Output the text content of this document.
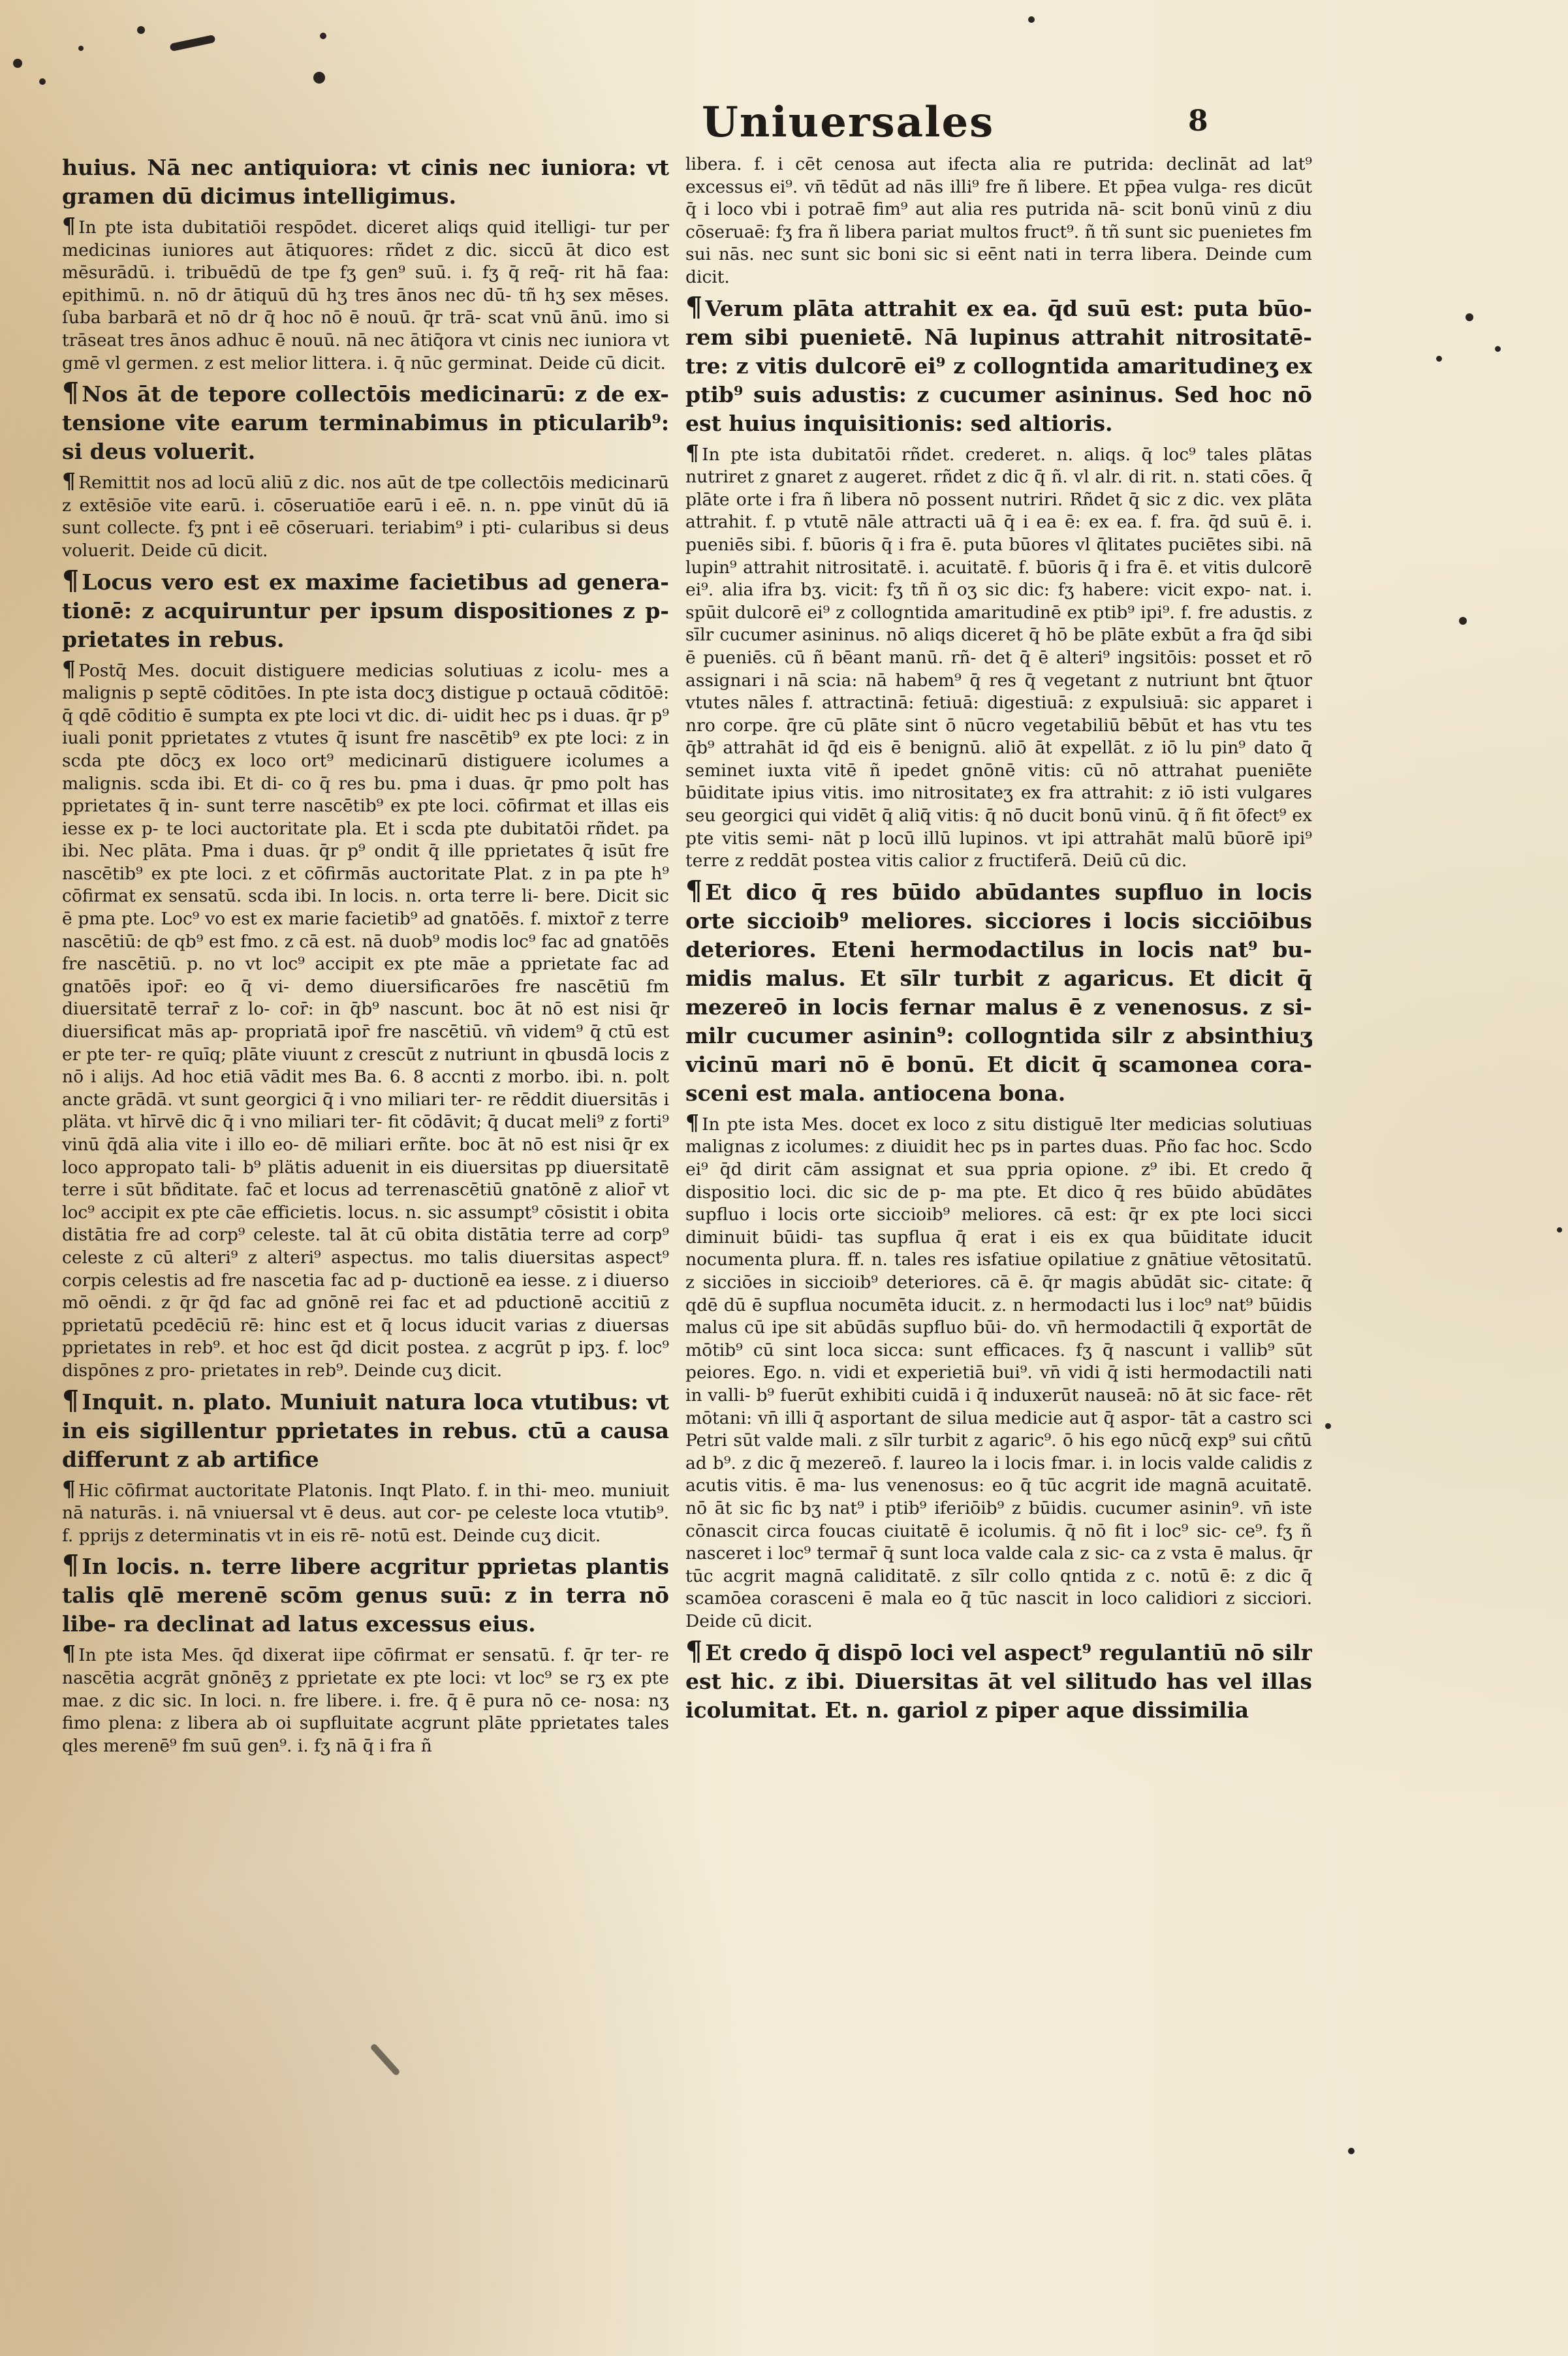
Uniuersales	8

huius. Nā nec antiquiora: vt cinis nec iuniora: vt gramen dū dicimus intelligimus.

¶ In pte ista dubitatiōi respōdet. diceret aliqs quid itelligi- tur per medicinas iuniores aut ātiquores: rñdet z dic. siccū āt dico est mēsurādū. i. tribuēdū de tpe fʒ gen⁹ suū. i. fʒ q̄ req̄- rit hā faa: epithimū. n. nō dr ātiquū dū hʒ tres ānos nec dū- tñ hʒ sex mēses. ſuba barbarā et nō dr q̄ hoc nō ē nouū. q̄r trā- scat vnū ānū. imo si trāseat tres ānos adhuc ē nouū. nā nec ātiq̄ora vt cinis nec iuniora vt gmē vl germen. z est melior littera. i. q̄ nūc germinat. Deide cū dicit.

¶ Nos āt de tepore collectōis medicinarū: z de ex- tensione vite earum terminabimus in pticularib⁹: si deus voluerit.

¶ Remittit nos ad locū aliū z dic. nos aūt de tpe collectōis medicinarū z extēsiōe vite earū. i. cōseruatiōe earū i eē. n. n. ppe vinūt dū iā sunt collecte. fʒ pnt i eē cōseruari. teriabim⁹ i pti- cularibus si deus voluerit. Deide cū dicit.

¶ Locus vero est ex maxime facietibus ad genera- tionē: z acquiruntur per ipsum dispositiones z p- prietates in rebus.

¶ Postq̄ Mes. docuit distiguere medicias solutiuas z icolu- mes a malignis p septē cōditōes. In pte ista docʒ distigue p octauā cōditōē: q̄ qdē cōditio ē sumpta ex pte loci vt dic. di- uidit hec ps i duas. q̄r p⁹ iuali ponit pprietates z vtutes q̄ isunt fre nascētib⁹ ex pte loci: z in scda pte dōcʒ ex loco ort⁹ medicinarū distiguere icolumes a malignis. scda ibi. Et di- co q̄ res bu. pma i duas. q̄r pmo polt has pprietates q̄ in- sunt terre nascētib⁹ ex pte loci. cōfirmat et illas eis iesse ex p- te loci auctoritate pla. Et i scda pte dubitatōi rñdet. pa ibi. Nec plāta. Pma i duas. q̄r p⁹ ondit q̄ ille pprietates q̄ isūt fre nascētib⁹ ex pte loci. z et cōfirmās auctoritate Plat. z in pa pte h⁹ cōfirmat ex sensatū. scda ibi. In locis. n. orta terre li- bere. Dicit sic ē pma pte. Loc⁹ vo est ex marie facietib⁹ ad gnatōēs. f. mixtor̄ z terre nascētiū: de qb⁹ est fmo. z cā est. nā duob⁹ modis loc⁹ fac ad gnatōēs fre nascētiū. p. no vt loc⁹ accipit ex pte māe a pprietate fac ad gnatōēs ipor̄: eo q̄ vi- demo diuersificarōes fre nascētiū fm diuersitatē terrar̄ z lo- cor̄: in q̄b⁹ nascunt. boc āt nō est nisi q̄r diuersificat mās ap- propriatā ipor̄ fre nascētiū. vn̄ videm⁹ q̄ ctū est er pte ter- re quīq; plāte viuunt z crescūt z nutriunt in qbusdā locis z nō i alijs. Ad hoc etiā vādit mes Ba. 6. 8 accnti z morbo. ibi. n. polt ancte grādā. vt sunt georgici q̄ i vno miliari ter- re rēddit diuersitās i pläta. vt hīrvē dic q̄ i vno miliari ter- fit cōdāvit; q̄ ducat meli⁹ z forti⁹ vinū q̄dā alia vite i illo eo- dē miliari erñte. boc āt nō est nisi q̄r ex loco appropato tali- b⁹ plätis aduenit in eis diuersitas pp diuersitatē terre i sūt bñditate. fac̄ et locus ad terrenascētiū gnatōnē z alior̄ vt loc⁹ accipit ex pte cāe efficietis. locus. n. sic assumpt⁹ cōsistit i obita distātia fre ad corp⁹ celeste. tal āt cū obita distātia terre ad corp⁹ celeste z cū alteri⁹ z alteri⁹ aspectus. mo talis diuersitas aspect⁹ corpis celestis ad fre nascetia fac ad p- ductionē ea iesse. z i diuerso mō oēndi. z q̄r q̄d fac ad gnōnē rei fac et ad pductionē accitiū z pprietatū pcedēciū rē: hinc est et q̄ locus iducit varias z diuersas pprietates in reb⁹. et hoc est q̄d dicit postea. z acgrūt p ipʒ. f. loc⁹ dispōnes z pro- prietates in reb⁹. Deinde cuʒ dicit.

¶ Inquit. n. plato. Muniuit natura loca vtutibus: vt in eis sigillentur pprietates in rebus. ctū a causa differunt z ab artifice

¶ Hic cōfirmat auctoritate Platonis. Inqt Plato. f. in thi- meo. muniuit nā naturās. i. nā vniuersal vt ē deus. aut cor- pe celeste loca vtutib⁹. f. pprijs z determinatis vt in eis rē- notū est. Deinde cuʒ dicit.

¶ In locis. n. terre libere acgritur pprietas plantis talis qlē merenē scōm genus suū: z in terra nō libe- ra declinat ad latus excessus eius.

¶ In pte ista Mes. q̄d dixerat iipe cōfirmat er sensatū. f. q̄r ter- re nascētia acgrāt gnōnēʒ z pprietate ex pte loci: vt loc⁹ se rʒ ex pte mae. z dic sic. In loci. n. fre libere. i. fre. q̄ ē pura nō ce- nosa: nʒ fimo plena: z libera ab oi supfluitate acgrunt plāte pprietates tales qles merenē⁹ fm suū gen⁹. i. fʒ nā q̄ i fra ñ

libera. f. i cēt cenosa aut ifecta alia re putrida: declināt ad lat⁹ excessus ei⁹. vn̄ tēdūt ad nās illi⁹ fre ñ libere. Et pp̄ea vulga- res dicūt q̄ i loco vbi i potraē fim⁹ aut alia res putrida nā- scit bonū vinū z diu cōseruaē: fʒ fra ñ libera pariat multos fruct⁹. ñ tñ sunt sic puenietes fm sui nās. nec sunt sic boni sic si eēnt nati in terra libera. Deinde cum dicit.

¶ Verum plāta attrahit ex ea. q̄d suū est: puta būo- rem sibi puenietē. Nā lupinus attrahit nitrositatē- tre: z vitis dulcorē ei⁹ z collogntida amaritudineʒ ex ptib⁹ suis adustis: z cucumer asininus. Sed hoc nō est huius inquisitionis: sed altioris.

¶ In pte ista dubitatōi rñdet. crederet. n. aliqs. q̄ loc⁹ tales plātas nutriret z gnaret z augeret. rñdet z dic q̄ ñ. vl alr. di rit. n. stati cōes. q̄ plāte orte i fra ñ libera nō possent nutriri. Rñdet q̄ sic z dic. vex plāta attrahit. f. p vtutē nāle attracti uā q̄ i ea ē: ex ea. f. fra. q̄d suū ē. i. pueniēs sibi. f. būoris q̄ i fra ē. puta būores vl q̄litates puciētes sibi. nā lupin⁹ attrahit nitrositatē. i. acuitatē. f. būoris q̄ i fra ē. et vitis dulcorē ei⁹. alia ifra bʒ. vicit: fʒ tñ ñ oʒ sic dic: fʒ habere: vicit expo- nat. i. spūit dulcorē ei⁹ z collogntida amaritudinē ex ptib⁹ ipi⁹. f. fre adustis. z sīlr cucumer asininus. nō aliqs diceret q̄ hō be plāte exbūt a fra q̄d sibi ē pueniēs. cū ñ bēant manū. rñ- det q̄ ē alteri⁹ ingsitōis: posset et rō assignari i nā scia: nā habem⁹ q̄ res q̄ vegetant z nutriunt bnt q̄tuor vtutes nāles f. attractinā: fetiuā: digestiuā: z expulsiuā: sic apparet i nro corpe. q̄re cū plāte sint ō nūcro vegetabiliū bēbūt et has vtu tes q̄b⁹ attrahāt id q̄d eis ē benignū. aliō āt expellāt. z iō lu pin⁹ dato q̄ seminet iuxta vitē ñ ipedet gnōnē vitis: cū nō attrahat pueniēte būiditate ipius vitis. imo nitrositateʒ ex fra attrahit: z iō isti vulgares seu georgici qui vidēt q̄ aliq̄ vitis: q̄ nō ducit bonū vinū. q̄ ñ fit ōfect⁹ ex pte vitis semi- nāt p locū illū lupinos. vt ipi attrahāt malū būorē ipi⁹ terre z reddāt postea vitis calior z fructiferā. Deiū cū dic.

¶ Et dico q̄ res būido abūdantes supfluo in locis orte siccioib⁹ meliores. sicciores i locis sicciōibus deteriores. Eteni hermodactilus in locis nat⁹ bu- midis malus. Et sīlr turbit z agaricus. Et dicit q̄ mezereō in locis fernar malus ē z venenosus. z si- milr cucumer asinin⁹: collogntida silr z absinthiuʒ vicinū mari nō ē bonū. Et dicit q̄ scamonea cora- sceni est mala. antiocena bona.

¶ In pte ista Mes. docet ex loco z situ distiguē lter medicias solutiuas malignas z icolumes: z diuidit hec ps in partes duas. Pño fac hoc. Scdo ei⁹ q̄d dirit cām assignat et sua ppria opione. z⁹ ibi. Et credo q̄ dispositio loci. dic sic de p- ma pte. Et dico q̄ res būido abūdātes supfluo i locis orte siccioib⁹ meliores. cā est: q̄r ex pte loci sicci diminuit būidi- tas supflua q̄ erat i eis ex qua būiditate iducit nocumenta plura. ff. n. tales res isfatiue opilatiue z gnātiue vētositatū. z sicciōes in siccioib⁹ deteriores. cā ē. q̄r magis abūdāt sic- citate: q̄ qdē dū ē supflua nocumēta iducit. z. n hermodacti lus i loc⁹ nat⁹ būidis malus cū ipe sit abūdās supfluo būi- do. vn̄ hermodactili q̄ exportāt de mōtib⁹ cū sint loca sicca: sunt efficaces. fʒ q̄ nascunt i vallib⁹ sūt peiores. Ego. n. vidi et experietiā bui⁹. vn̄ vidi q̄ isti hermodactili nati in valli- b⁹ fuerūt exhibiti cuidā i q̄ induxerūt nauseā: nō āt sic face- rēt mōtani: vn̄ illi q̄ asportant de silua medicie aut q̄ aspor- tāt a castro sci Petri sūt valde mali. z sīlr turbit z agaric⁹. ō his ego nūcq̄ exp⁹ sui cñtū ad b⁹. z dic q̄ mezereō. f. laureo la i locis fmar. i. in locis valde calidis z acutis vitis. ē ma- lus venenosus: eo q̄ tūc acgrit ide magnā acuitatē. nō āt sic fic bʒ nat⁹ i ptib⁹ iferiōib⁹ z būidis. cucumer asinin⁹. vn̄ iste cōnascit circa foucas ciuitatē ē icolumis. q̄ nō fit i loc⁹ sic- ce⁹. fʒ ñ nasceret i loc⁹ termar̄ q̄ sunt loca valde cala z sic- ca z vsta ē malus. q̄r tūc acgrit magnā caliditatē. z sīlr collo qntida z c. notū ē: z dic q̄ scamōea corasceni ē mala eo q̄ tūc nascit in loco calidiori z sicciori. Deide cū dicit.

¶ Et credo q̄ dispō loci vel aspect⁹ regulantiū nō silr est hic. z ibi. Diuersitas āt vel silitudo has vel illas icolumitat. Et. n. gariol z piper aque dissimilia
